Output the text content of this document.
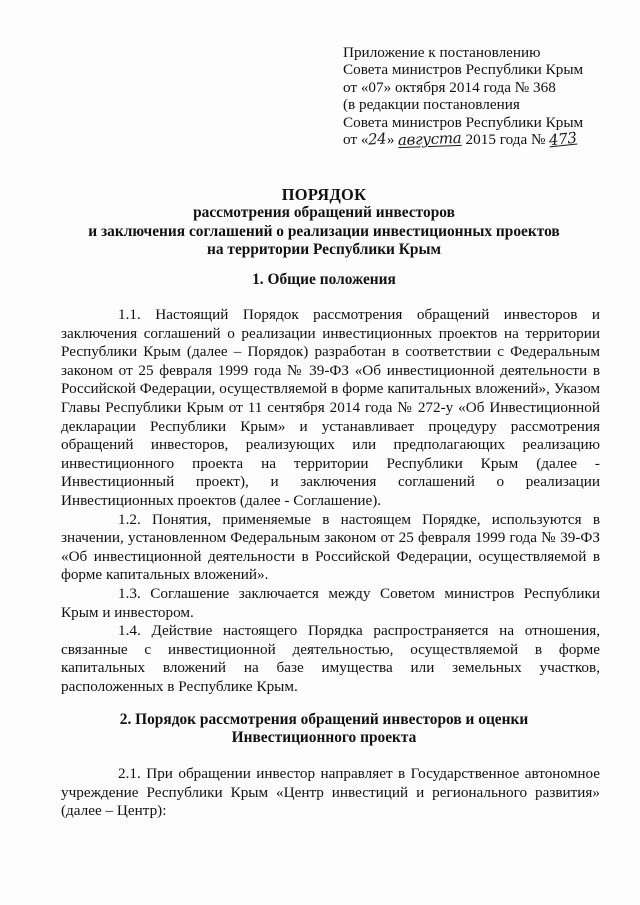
Приложение к постановлению
Совета министров Республики Крым
от «07» октября 2014 года № 368
(в редакции постановления
Совета министров Республики Крым
от «24» августа 2015 года № 473
ПОРЯДОК
рассмотрения обращений инвесторов
и заключения соглашений о реализации инвестиционных проектов
на территории Республики Крым
1. Общие положения

1.1. Настоящий Порядок рассмотрения обращений инвесторов и заключения соглашений о реализации инвестиционных проектов на территории Республики Крым (далее – Порядок) разработан в соответствии с Федеральным законом от 25 февраля 1999 года № 39-ФЗ «Об инвестиционной деятельности в Российской Федерации, осуществляемой в форме капитальных вложений», Указом Главы Республики Крым от 11 сентября 2014 года № 272-у «Об Инвестиционной декларации Республики Крым» и устанавливает процедуру рассмотрения обращений инвесторов, реализующих или предполагающих реализацию инвестиционного проекта на территории Республики Крым (далее - Инвестиционный проект), и заключения соглашений о реализации Инвестиционных проектов (далее - Соглашение).

1.2. Понятия, применяемые в настоящем Порядке, используются в значении, установленном Федеральным законом от 25 февраля 1999 года № 39-ФЗ «Об инвестиционной деятельности в Российской Федерации, осуществляемой в форме капитальных вложений».

1.3. Соглашение заключается между Советом министров Республики Крым и инвестором.

1.4. Действие настоящего Порядка распространяется на отношения, связанные с инвестиционной деятельностью, осуществляемой в форме капитальных вложений на базе имущества или земельных участков, расположенных в Республике Крым.

2. Порядок рассмотрения обращений инвесторов и оценки
Инвестиционного проекта

2.1. При обращении инвестор направляет в Государственное автономное учреждение Республики Крым «Центр инвестиций и регионального развития» (далее – Центр):
